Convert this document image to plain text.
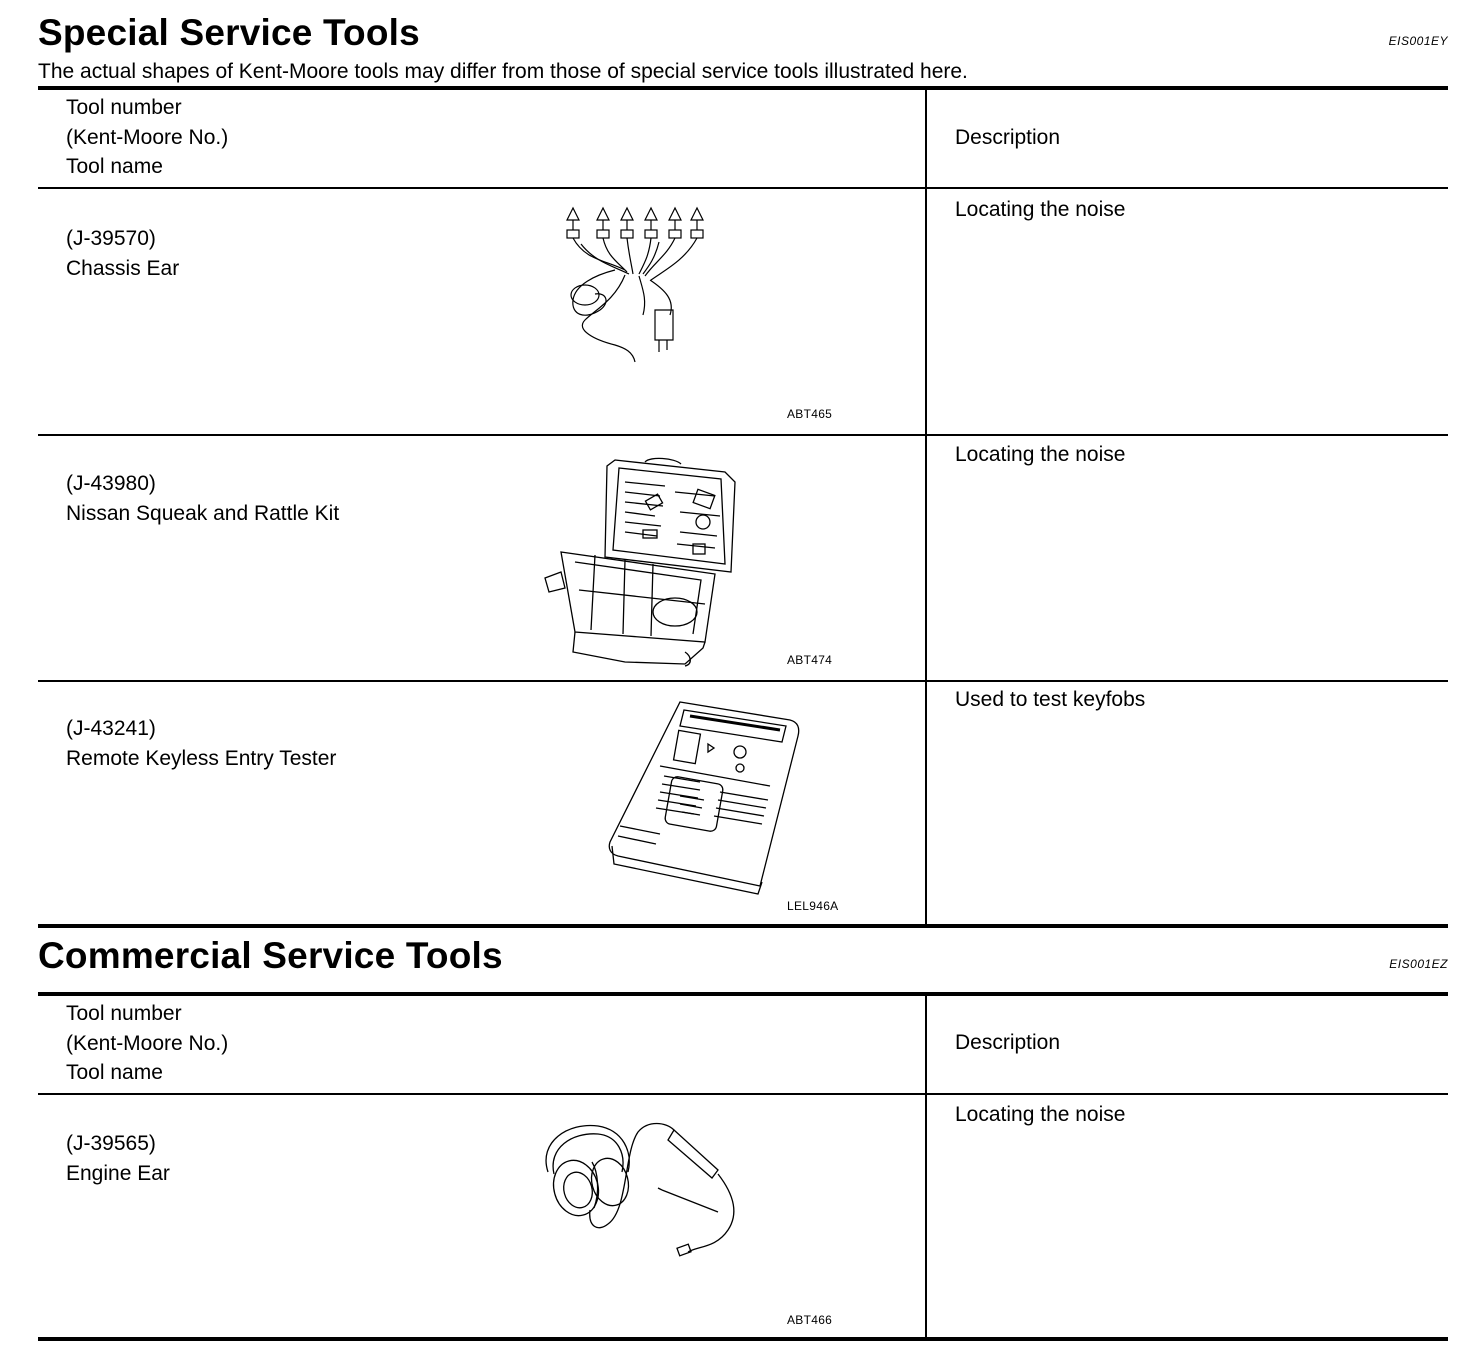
Special Service Tools	EIS001EY
The actual shapes of Kent-Moore tools may differ from those of special service tools illustrated here.
Tool number
(Kent-Moore No.)
Tool name
Description
(J-39570)
Chassis Ear
ABT465
Locating the noise
(J-43980)
Nissan Squeak and Rattle Kit
ABT474
Locating the noise
(J-43241)
Remote Keyless Entry Tester
LEL946A
Used to test keyfobs
Commercial Service Tools	EIS001EZ
Tool number
(Kent-Moore No.)
Tool name
Description
(J-39565)
Engine Ear
ABT466
Locating the noise
